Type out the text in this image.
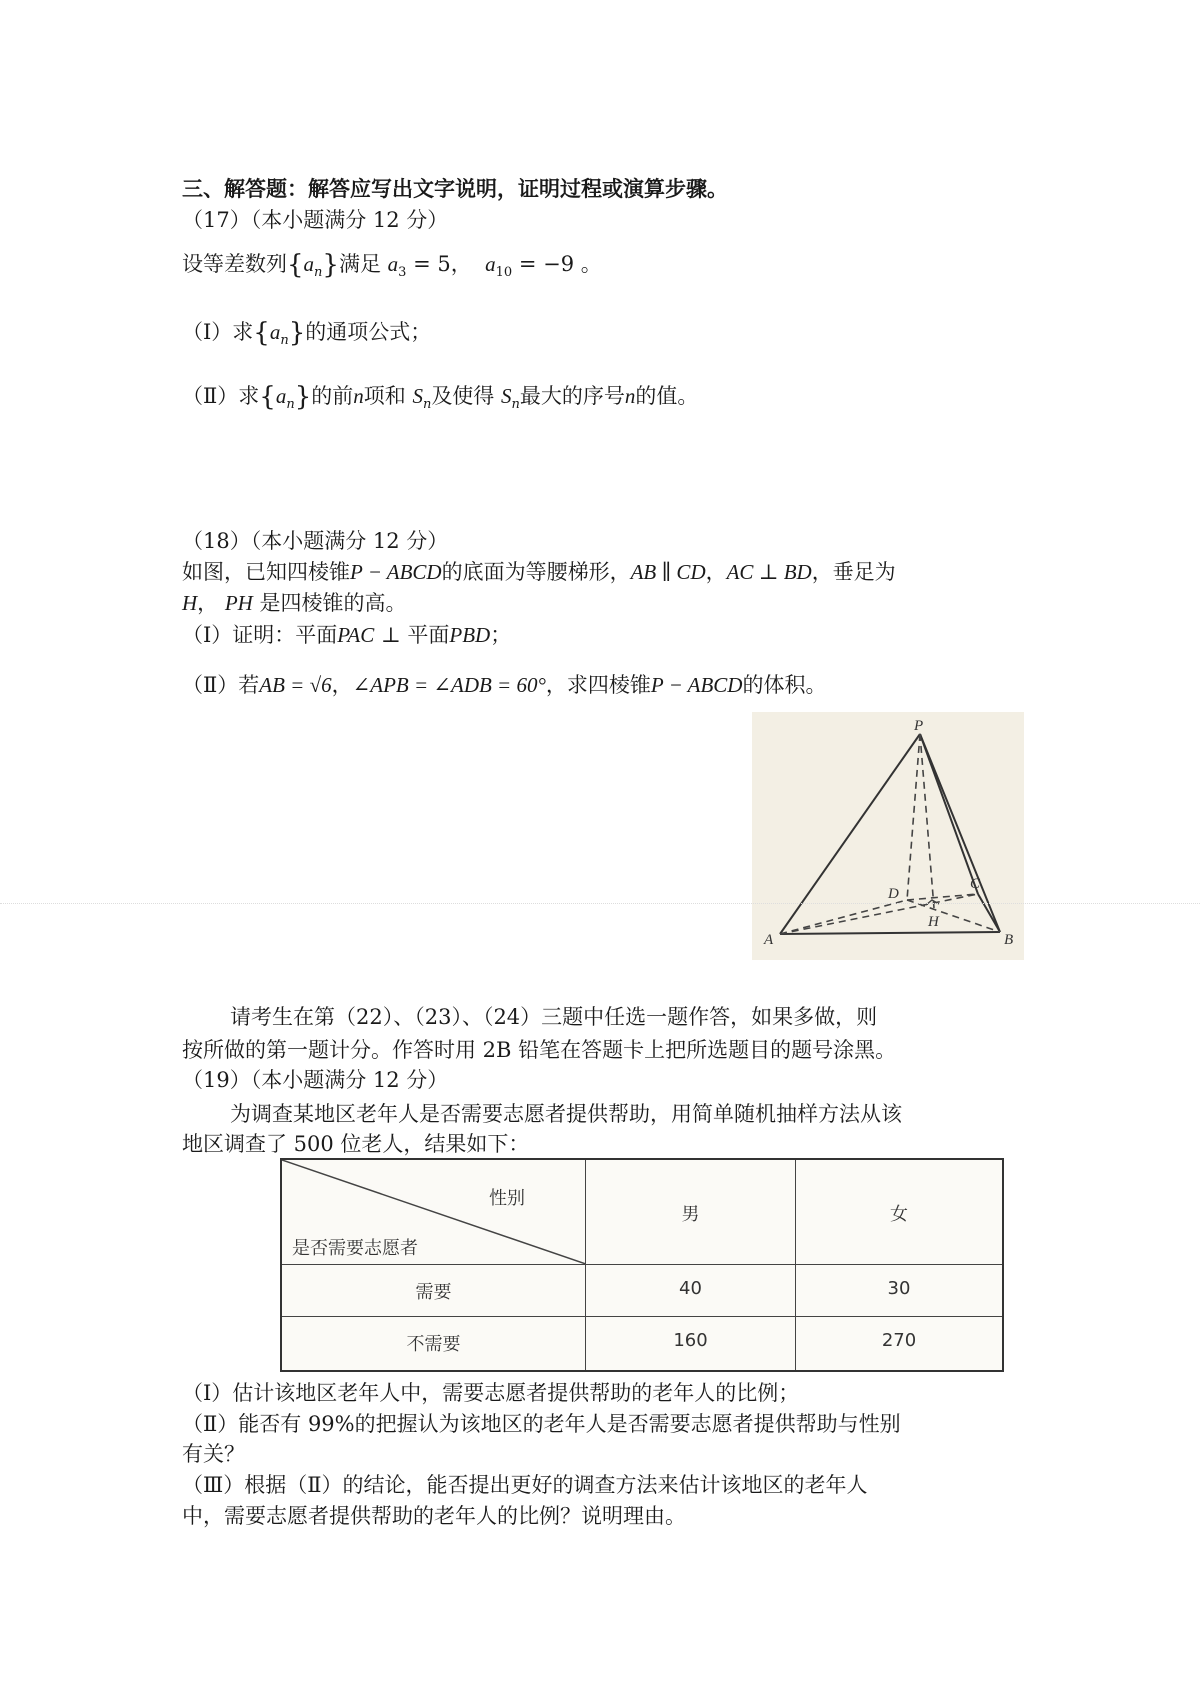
三、解答题：解答应写出文字说明，证明过程或演算步骤。
（17）（本小题满分 12 分）
设等差数列$\{a_n\}$满足 $a_3 = 5$， $a_{10} = -9$ 。
（Ⅰ）求$\{a_n\}$的通项公式；
（Ⅱ）求$\{a_n\}$的前n项和 $S_n$及使得 $S_n$最大的序号n的值。
（18）（本小题满分 12 分）
如图，已知四棱锥P − ABCD的底面为等腰梯形，AB ∥ CD，AC ⊥ BD，垂足为
H， PH 是四棱锥的高。
（Ⅰ）证明：平面PAC ⊥ 平面PBD；
（Ⅱ）若AB = √6，∠APB = ∠ADB = 60°，求四棱锥P − ABCD的体积。
P
D
C
H
A	B
请考生在第（22）、（23）、（24）三题中任选一题作答，如果多做，则
按所做的第一题计分。作答时用 2B 铅笔在答题卡上把所选题目的题号涂黑。
（19）（本小题满分 12 分）
为调查某地区老年人是否需要志愿者提供帮助，用简单随机抽样方法从该
地区调查了 500 位老人，结果如下：
性别
是否需要志愿者
男	女
需要	40	30
不需要	160	270
（Ⅰ）估计该地区老年人中，需要志愿者提供帮助的老年人的比例；
（Ⅱ）能否有 99%的把握认为该地区的老年人是否需要志愿者提供帮助与性别
有关？
（Ⅲ）根据（Ⅱ）的结论，能否提出更好的调查方法来估计该地区的老年人
中，需要志愿者提供帮助的老年人的比例？说明理由。
